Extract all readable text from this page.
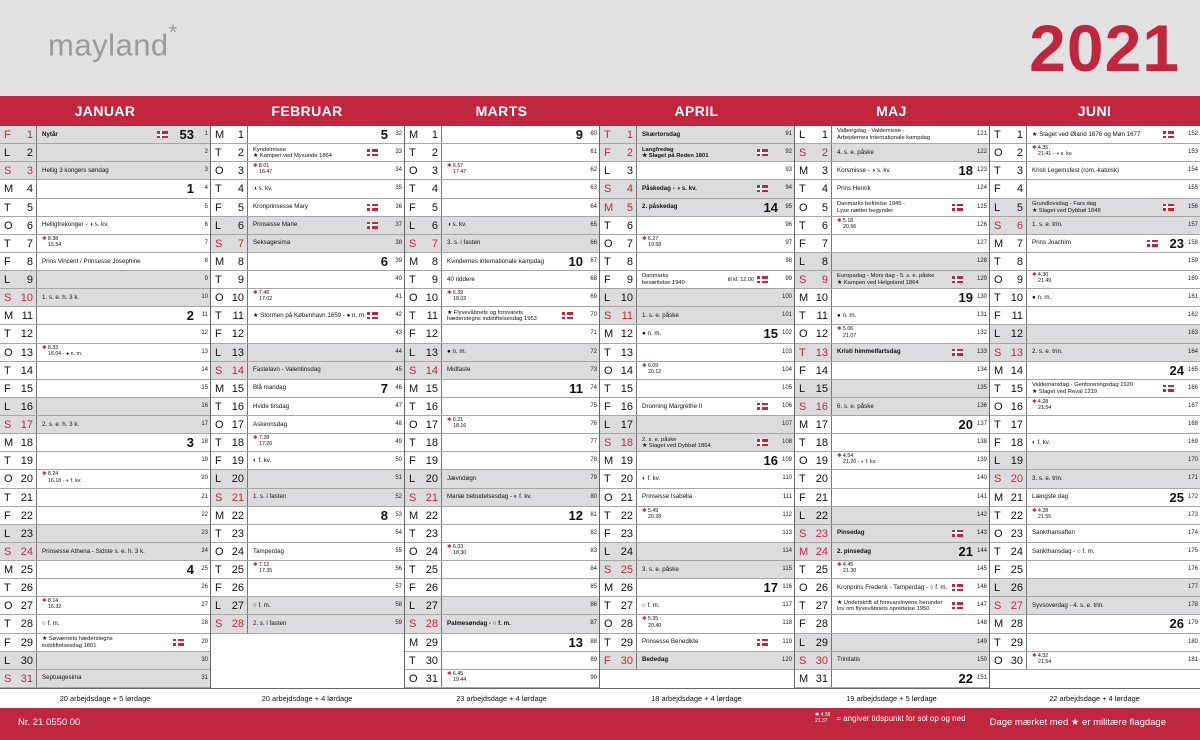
mayland*	2021
JANUAR
F	1 Nytår	53 1
L	2	2
S	3 Hellig 3 kongers søndag	3
M	4	1 4
T	5	5
O	6 Helligtrekonger - ◑ s. kv.	6
T	7 ✱ 8.38
15.54	7
F	8 Prins Vincent / Prinsesse Josephine	8
L	9	9
S 10 1. s. e. h. 3 k.	10
M 11	2 11
T 12	12
O 13 ✱ 8.33
16.04 - ● n. m.	13
T 14	14
F 15	15
L 16	16
S 17 2. s. e. h. 3 k.	17
M 18	3 18
T 19	19
O 20 ✱ 8.24
16.18 - ◐ f. kv.	20
T 21	21
F 22	22
L 23	23
S 24 Prinsesse Athena - Sidste s. e. h. 3 k.	24
M 25	4 25
T 26	26
O 27 ✱ 8.14
16.32	27
T 28 ○ f. m.	28
F 29 ★ Søværnets hæderstegns
indstiftelsesdag 1801
29
L 30	30
S 31 Septuagesima	31
20 arbejdsdage + 5 lørdage
FEBRUAR
M	1	5 32
T	2 Kyndelmisse
★ Kampen ved Mysunde 1864
33
O	3 ✱ 8.01
16.47	34
T	4 ◑ s. kv.	35
F	5 Kronprinsesse Mary	36
L	6 Prinsesse Marie	37
S	7 Seksagesima	38
M	8	6 39
T	9	40
O 10 ✱ 7.46
17.02	41
T 11 ★ Stormen på København 1659 - ● n. m.	42
F 12	43
L 13	44
S 14 Fastelavn - Valentinsdag	45
M 15 Blå mandag	7 46
T 16 Hvide tirsdag	47
O 17 Askeonsdag	48
T 18 ✱ 7.28
17.20	49
F 19 ◐ f. kv.	50
L 20	51
S 21 1. s. i fasten	52
M 22	8 53
T 23	54
O 24 Tamperdag	55
T 25 ✱ 7.12
17.35	56
F 26	57
L 27 ○ f. m.	58
S 28 2. s. i fasten	59
20 arbejdsdage + 4 lørdage
MARTS
M	1	9 60
T	2	61
O	3 ✱ 6.57
17.47	62
T	4	63
F	5	64
L	6 ◑ s. kv.	65
S	7 3. s. i fasten	66
M	8 Kvindernes internationale kampdag	10 67
T	9 40 riddere	68
O 10 ✱ 6.39
18.02	69
T 11 ★ Flyvevåbnets og forsvarets
hæderstegns indstiftelsesdag 1953
70
F 12	71
L 13 ● n. m.	72
S 14 Midfaste	73
M 15	11 74
T 16	75
O 17 ✱ 6.21
18.16	76
T 18	77
F 19	78
L 20 Jævndøgn	79
S 21 Mariæ bebudelsesdag - ◐ f. kv.	80
M 22	12 81
T 23	82
O 24 ✱ 6.03
18.30	83
T 25	84
F 26	85
L 27	86
S 28 Palmesøndag - ○ f. m.	87
M 29	13 88
T 30	89
O 31 ✱ 6.45
19.44	90
23 arbejdsdage + 4 lørdage
APRIL
T	1 Skærtorsdag	91
F	2 Langfredag
★ Slaget på Reden 1801
92
L	3	93
S	4 Påskedag - ◑ s. kv.	94
M	5 2. påskedag	14 95
T	6	96
O	7 ✱ 6.27
19.58	97
T	8	98
F	9 Danmarks
besættelse 1940	til kl. 12.00	99
L 10	100
S 11 1. s. e. påske	101
M 12 ● n. m.	15 102
T 13	103
O 14 ✱ 6.09
20.12	104
T 15	105
F 16 Dronning Margrethe II	106
L 17	107
S 18 2. s. e. påske
★ Slaget ved Dybbøl 1864
108
M 19	16 109
T 20 ◐ f. kv.	110
O 21 Prinsesse Isabella	111
T 22 ✱ 5.49
20.28	112
F 23	113
L 24	114
S 25 3. s. e. påske	115
M 26	17 116
T 27 ○ f. m.	117
O 28 ✱ 5.35
20.40	118
T 29 Prinsesse Benedikte	119
F 30 Bededag	120
18 arbejdsdage + 4 lørdage
MAJ
L	1 Valborgdag - Valdemisse -
Arbejdernes internationale kampdag
121
S	2 4. s. e. påske	122
M	3 Korsmisse - ◑ s. kv.	18 123
T	4 Prins Henrik	124
O	5 Danmarks befrielse 1945 -
Lyse nætter begynder
125
T	6 ✱ 5.18
20.56	126
F	7	127
L	8	128
S	9 Europadag - Mors dag - 5. s. e. påske
★ Kampen ved Helgoland 1864
129
M 10	19 130
T 11 ● n. m.	131
O 12 ✱ 5.06
21.07	132
T 13 Kristi himmelfartsdag	133
F 14	134
L 15	135
S 16 6. s. e. påske	136
M 17	20 137
T 18	138
O 19 ✱ 4.54
21.20 - ◐ f. kv.	139
T 20	140
F 21	141
L 22	142
S 23 Pinsedag	143
M 24 2. pinsedag	21 144
T 25 ✱ 4.45
21.30	145
O 26 Kronprins Frederik - Tamperdag - ○ f. m.	146
T 27 ★ Underskrift af forsvarslovene herunder
lov om flyvevåbnets oprettelse 1950
147
F 28	148
L 29	149
S 30 Trinitatis	150
M 31	22 151
19 arbejdsdage + 5 lørdage
JUNI
T	1 ★ Slaget ved Øland 1676 og Møn 1677	152
O	2 ✱ 4.35
21.41 - ◑ s. kv.	153
T	3 Kristi Legemsfest (rom.-katolsk)	154
F	4	155
L	5 Grundlovsdag - Fars dag
★ Slaget ved Dybbøl 1848
156
S	6 1. s. e. trin.	157
M	7 Prins Joachim	23 158
T	8	159
O	9 ✱ 4.30
21.49	160
T 10 ● n. m.	161
F 11	162
L 12	163
S 13 2. s. e. trin.	164
M 14	24 165
T 15 Valdemarsdag - Genforeningsdag 1920
★ Slaget ved Reval 1219
166
O 16 ✱ 4.28
21.54	167
T 17	168
F 18 ◐ f. kv.	169
L 19	170
S 20 3. s. e. trin.	171
M 21 Længste dag	25 172
T 22 ✱ 4.28
21.55	173
O 23 Sankthansaften	174
T 24 Sankthansdag - ○ f. m.	175
F 25	176
L 26	177
S 27 Syvsoverdag - 4. s. e. trin.	178
M 28	26 179
T 29	180
O 30 ✱ 4.32
21.54	181
22 arbejdsdage + 4 lørdage
Nr. 21 0550 00
✱ 4.38
21.37	= angiver tidspunkt for sol op og ned	Dage mærket med ★ er militære flagdage
